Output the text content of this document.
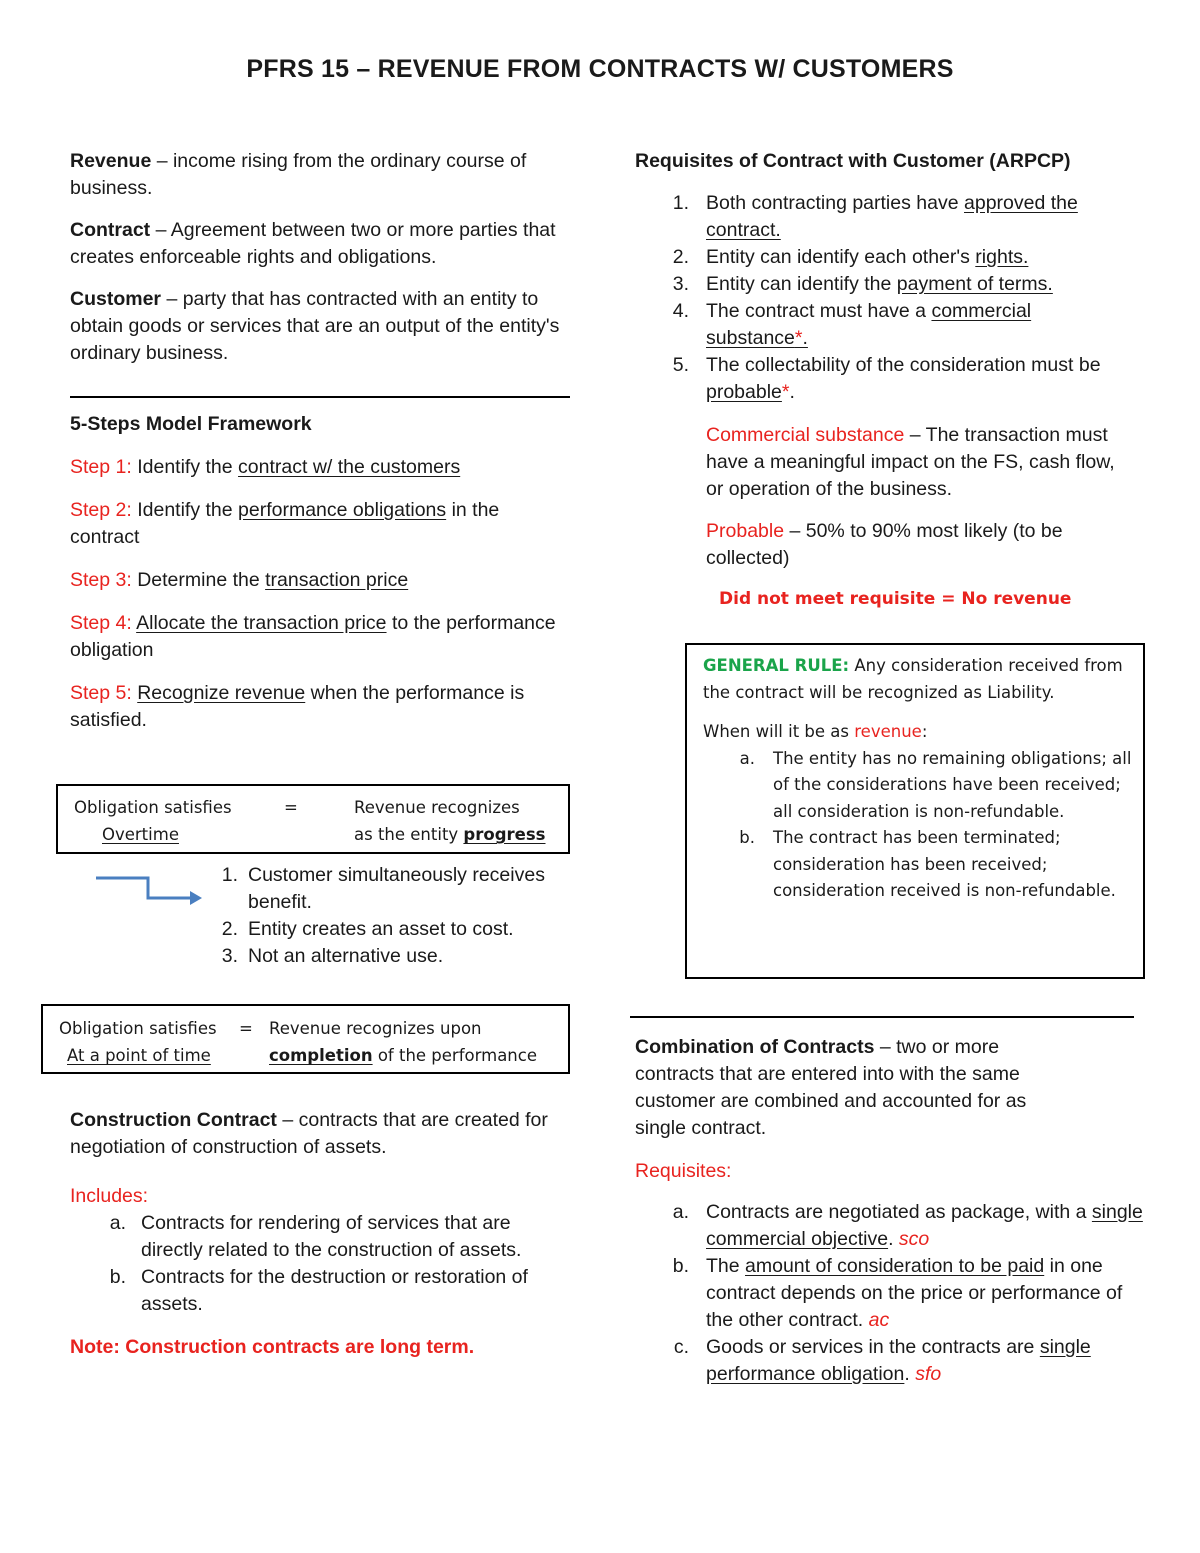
PFRS 15 – REVENUE FROM CONTRACTS W/ CUSTOMERS

Revenue – income rising from the ordinary course of business.

Contract – Agreement between two or more parties that creates enforceable rights and obligations.

Customer – party that has contracted with an entity to obtain goods or services that are an output of the entity's ordinary business.

5-Steps Model Framework

Step 1: Identify the contract w/ the customers

Step 2: Identify the performance obligations in the contract

Step 3: Determine the transaction price

Step 4: Allocate the transaction price to the performance obligation

Step 5: Recognize revenue when the performance is satisfied.

Obligation satisfies
Overtime
=	Revenue recognizes
as the entity progress
1. Customer simultaneously receives benefit.
2. Entity creates an asset to cost.
3. Not an alternative use.
Obligation satisfies
At a point of time
= Revenue recognizes upon
completion of the performance

Construction Contract – contracts that are created for negotiation of construction of assets.

Includes:

a. Contracts for rendering of services that are directly related to the construction of assets.
b. Contracts for the destruction or restoration of assets.

Note: Construction contracts are long term.

Requisites of Contract with Customer (ARPCP)

1. Both contracting parties have approved the contract.
2. Entity can identify each other's rights.
3. Entity can identify the payment of terms.
4. The contract must have a commercial substance*.
5. The collectability of the consideration must be probable*.

Commercial substance – The transaction must have a meaningful impact on the FS, cash flow, or operation of the business.

Probable – 50% to 90% most likely (to be collected)

Did not meet requisite = No revenue

GENERAL RULE: Any consideration received from the contract will be recognized as Liability.

When will it be as revenue:

a. The entity has no remaining obligations; all of the considerations have been received; all consideration is non-refundable.
b. The contract has been terminated; consideration has been received; consideration received is non-refundable.

Combination of Contracts – two or more contracts that are entered into with the same customer are combined and accounted for as single contract.

Requisites:

a. Contracts are negotiated as package, with a single commercial objective. sco
b. The amount of consideration to be paid in one contract depends on the price or performance of the other contract. ac
c. Goods or services in the contracts are single performance obligation. sfo
